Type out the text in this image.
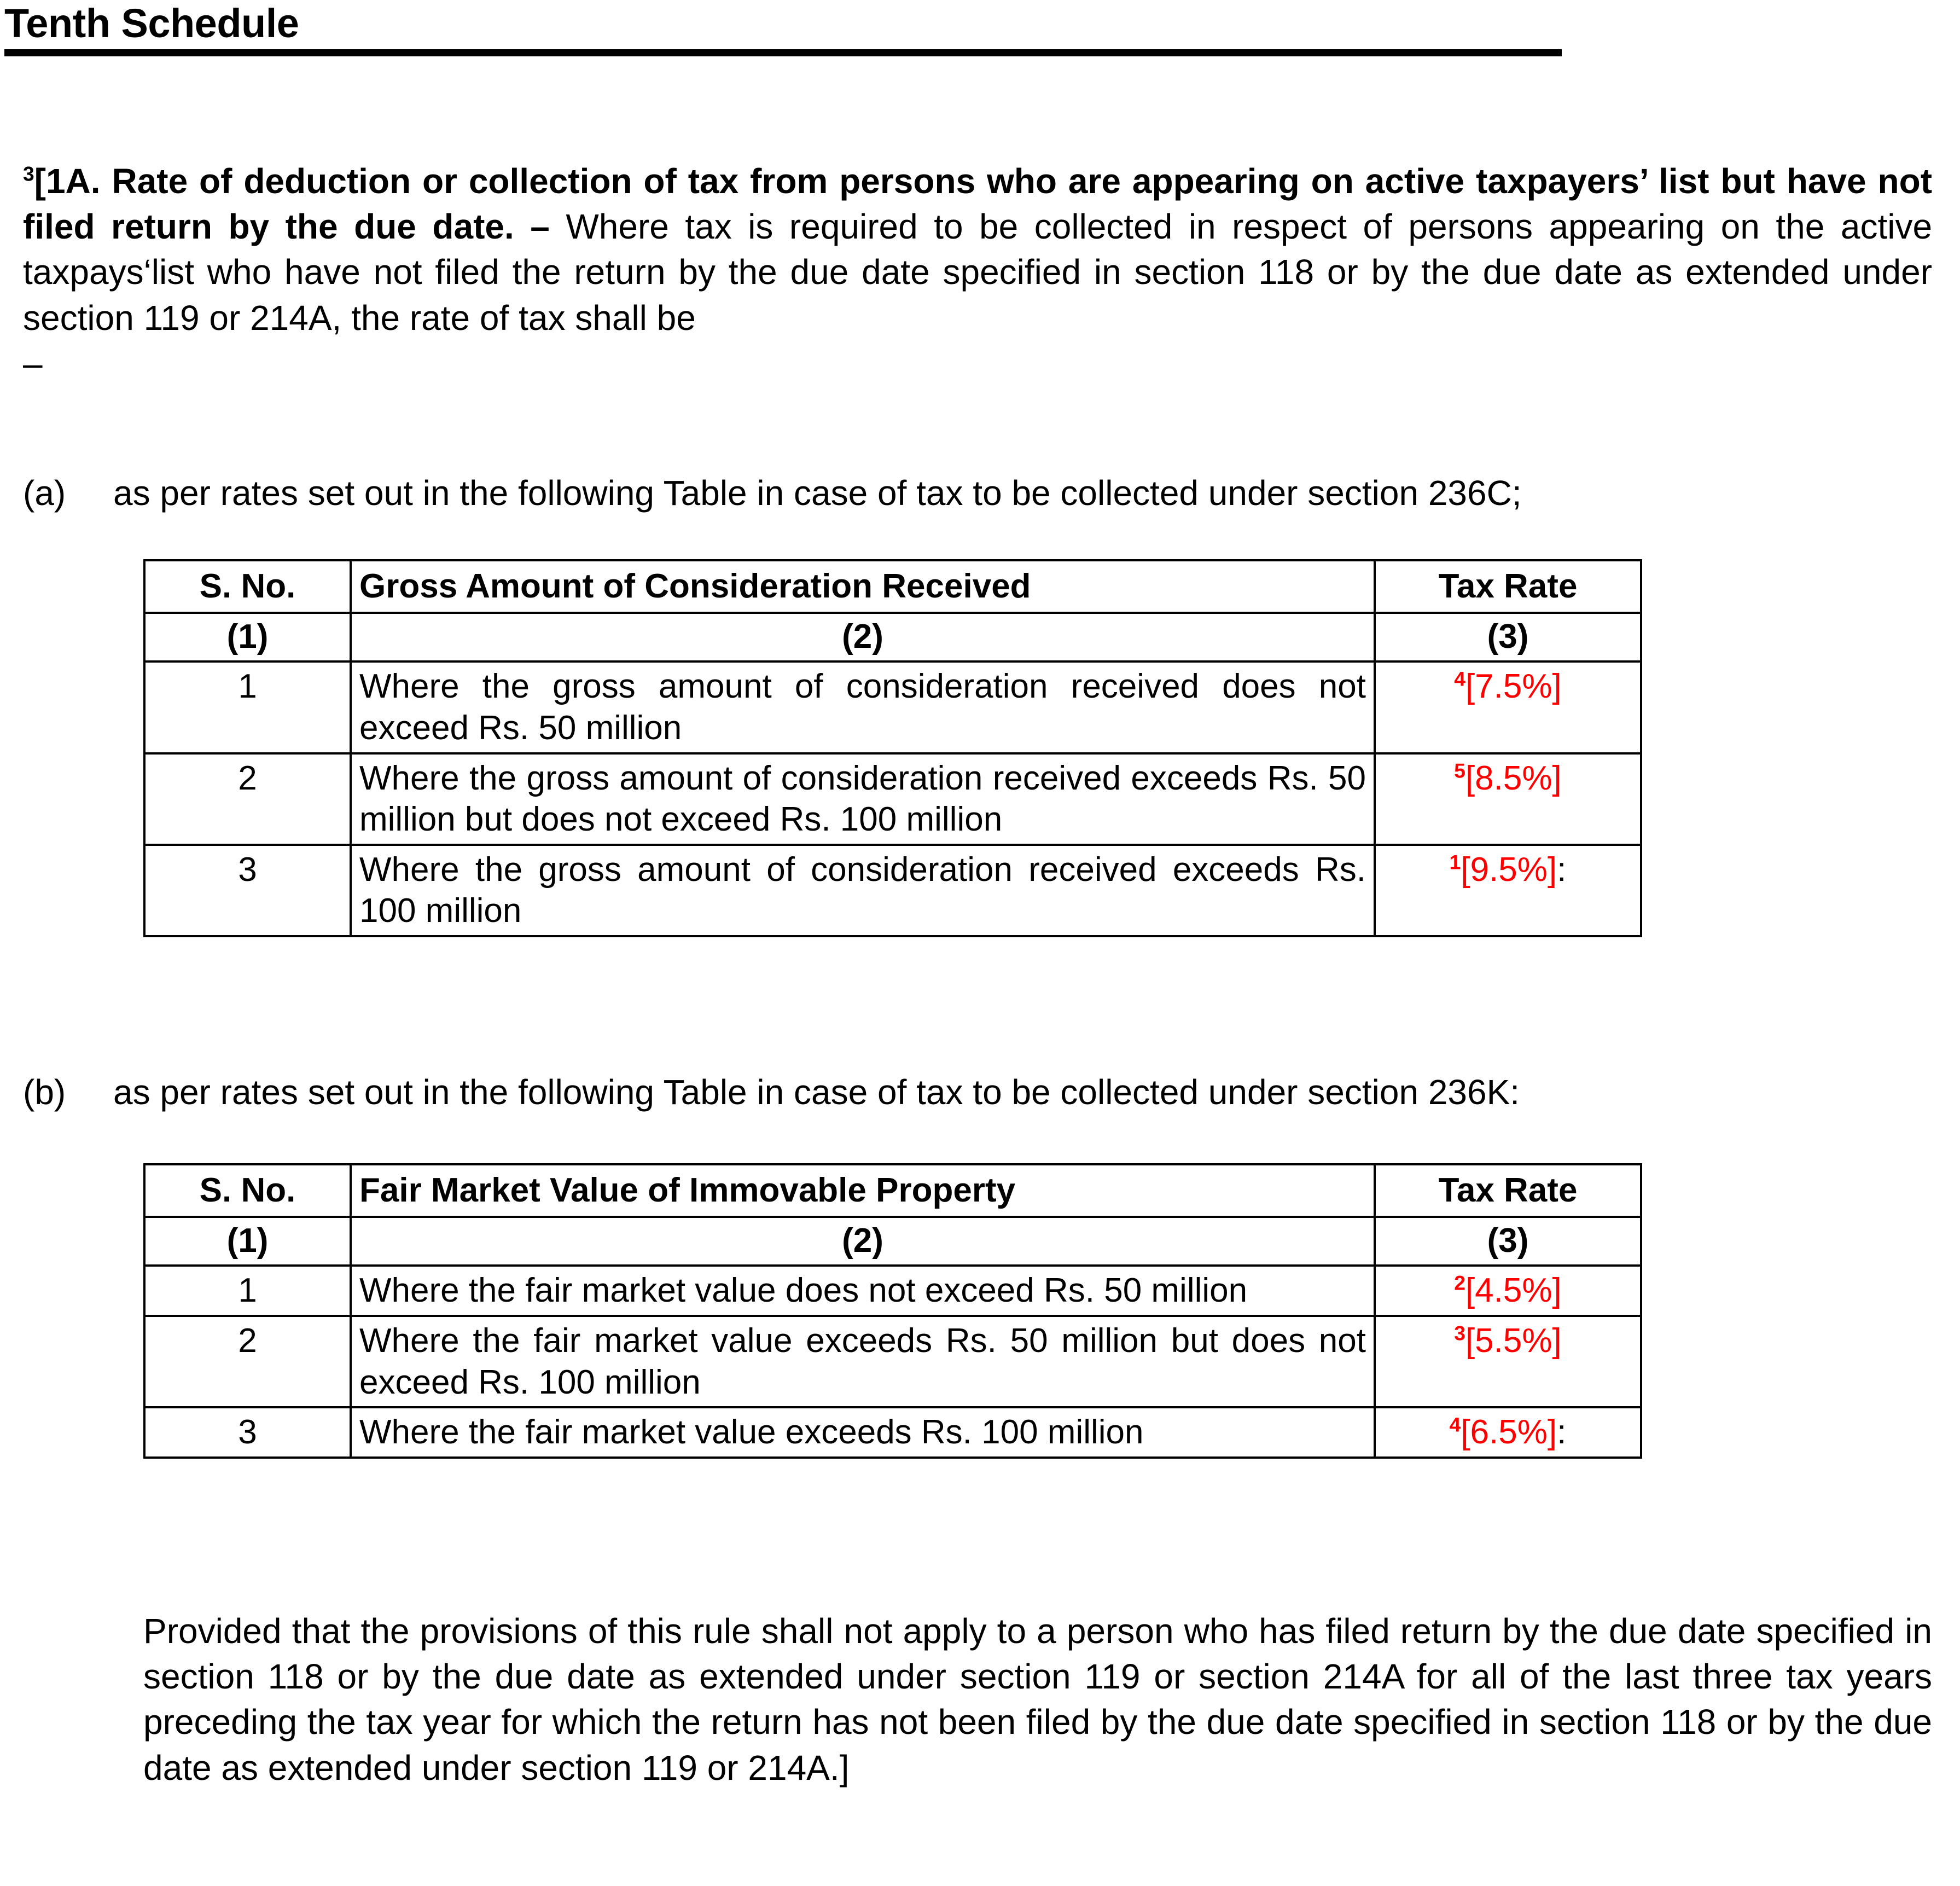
Tenth Schedule

$^3$[1A. Rate of deduction or collection of tax from persons who are appearing on active taxpayers’ list but have not filed return by the due date. – Where tax is required to be collected in respect of persons appearing on the active taxpays‘list who have not filed the return by the due date specified in section 118 or by the due date as extended under section 119 or 214A, the rate of tax shall be

–

(a)	as per rates set out in the following Table in case of tax to be collected under section 236C;
S. No.	Gross Amount of Consideration Received	Tax Rate
(1)	(2)	(3)
1	Where the gross amount of consideration received does not exceed Rs. 50 million	$^4$[7.5%]
2	Where the gross amount of consideration received exceeds Rs. 50 million but does not exceed Rs. 100 million	$^5$[8.5%]
3	Where the gross amount of consideration received exceeds Rs. 100 million	$^1$[9.5%]:
(b)	as per rates set out in the following Table in case of tax to be collected under section 236K:
S. No.	Fair Market Value of Immovable Property	Tax Rate
(1)	(2)	(3)
1	Where the fair market value does not exceed Rs. 50 million	$^2$[4.5%]
2	Where the fair market value exceeds Rs. 50 million but does not exceed Rs. 100 million	$^3$[5.5%]
3	Where the fair market value exceeds Rs. 100 million	$^4$[6.5%]:

Provided that the provisions of this rule shall not apply to a person who has filed return by the due date specified in section 118 or by the due date as extended under section 119 or section 214A for all of the last three tax years preceding the tax year for which the return has not been filed by the due date specified in section 118 or by the due date as extended under section 119 or 214A.]
